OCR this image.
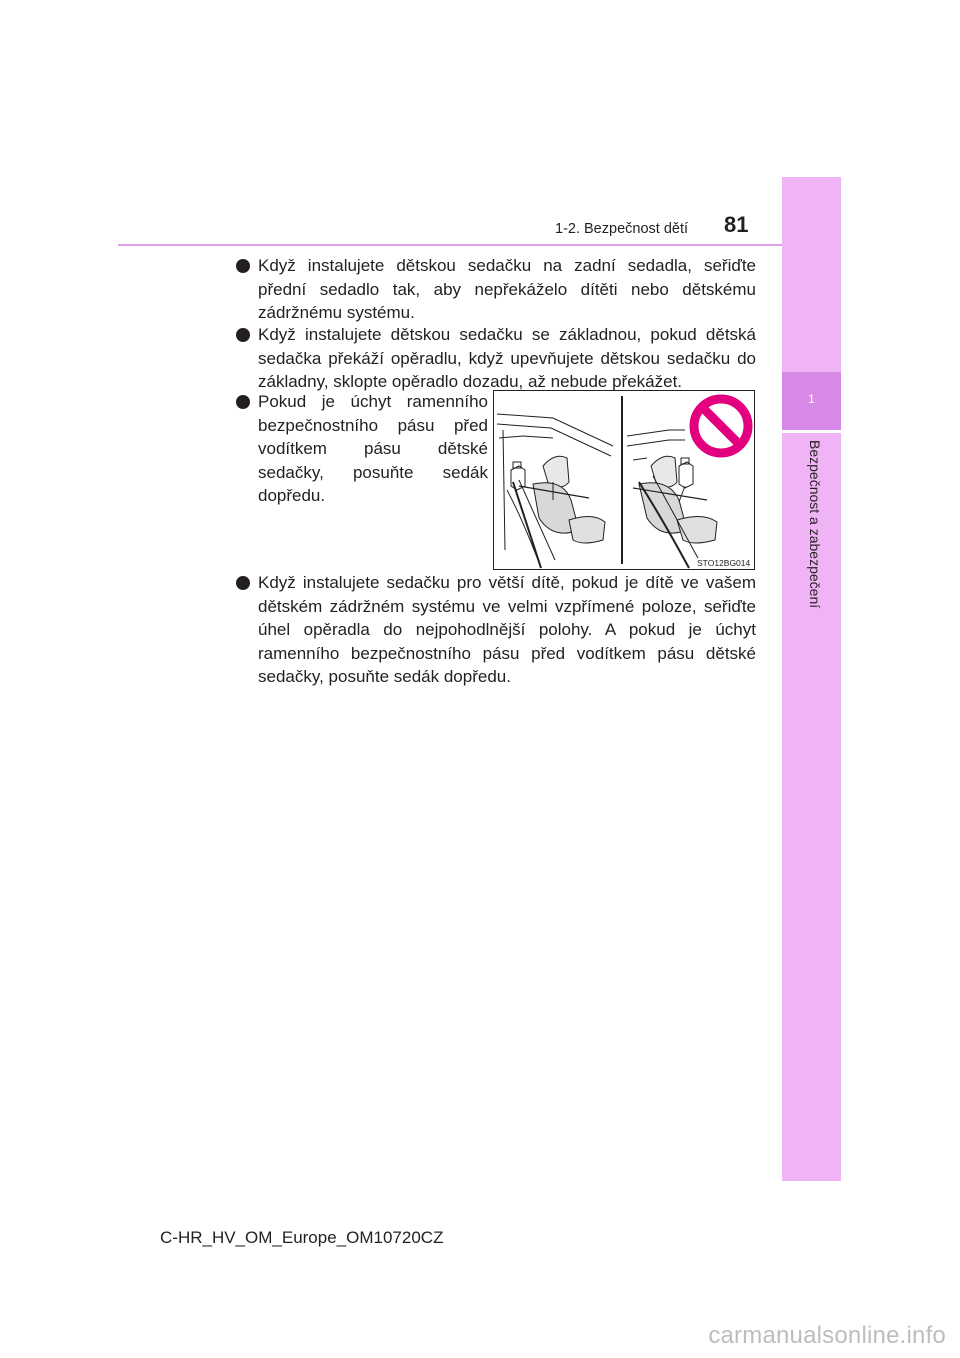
1
Bezpečnost a zabezpečení
1-2. Bezpečnost dětí 81

Když instalujete dětskou sedačku na zadní sedadla, seřiďte přední sedadlo tak, aby nepřekáželo dítěti nebo dětskému zádržnému systému.

Když instalujete dětskou sedačku se základnou, pokud dětská sedačka překáží opěradlu, když upevňujete dětskou sedačku do základny, sklopte opěradlo dozadu, až nebude překážet.

Pokud je úchyt ramenního bezpečnostního pásu před vodítkem pásu dětské sedačky, posuňte sedák dopředu.

Když instalujete sedačku pro větší dítě, pokud je dítě ve vašem dětském zádržném systému ve velmi vzpřímené poloze, seřiďte úhel opěradla do nejpohodlnější polohy. A pokud je úchyt ramenního bezpečnostního pásu před vodítkem pásu dětské sedačky, posuňte sedák dopředu.

STO12BG014
C-HR_HV_OM_Europe_OM10720CZ
carmanualsonline.info
